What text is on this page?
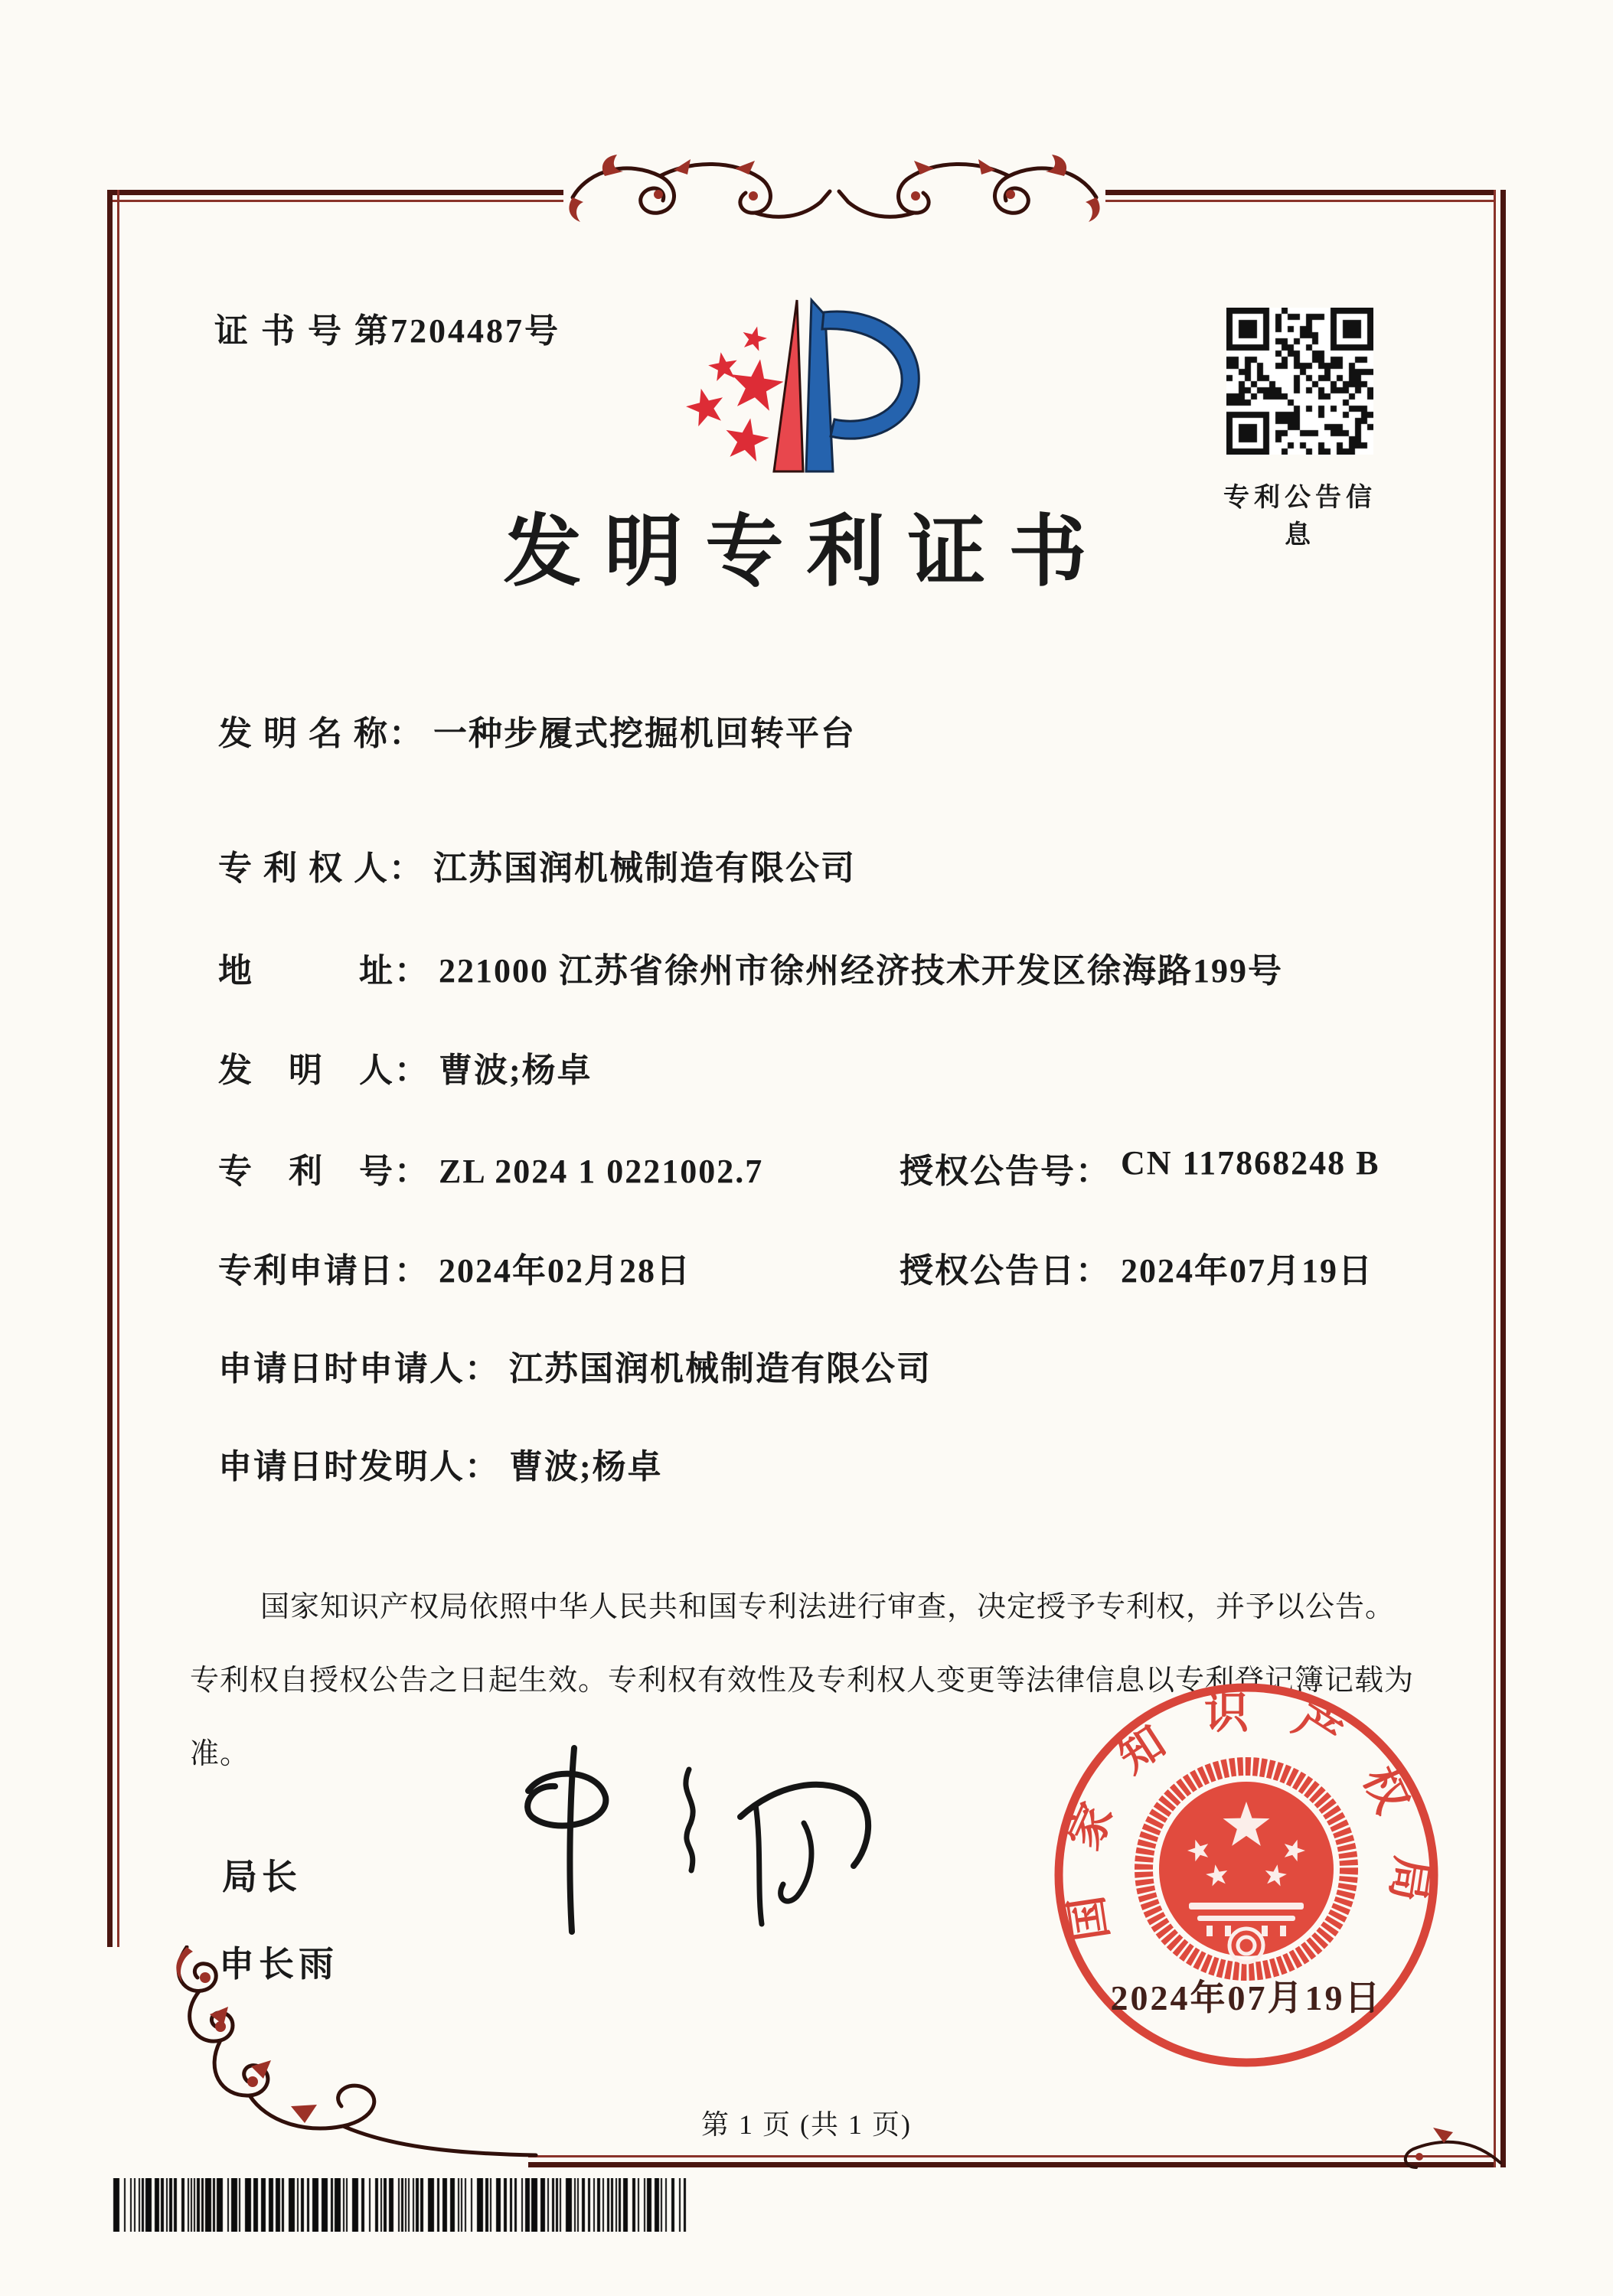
证 书 号 第7204487号
专利公告信息
发明专利证书
发 明 名 称： 一种步履式挖掘机回转平台
专 利 权 人： 江苏国润机械制造有限公司
地　　　址： 221000 江苏省徐州市徐州经济技术开发区徐海路199号
发　明　人： 曹波;杨卓
专　利　号： ZL 2024 1 0221002.7	授权公告号： CN 117868248 B
专利申请日： 2024年02月28日	授权公告日： 2024年07月19日
申请日时申请人： 江苏国润机械制造有限公司
申请日时发明人： 曹波;杨卓
国家知识产权局依照中华人民共和国专利法进行审查，决定授予专利权，并予以公告。
专利权自授权公告之日起生效。专利权有效性及专利权人变更等法律信息以专利登记簿记载为准。
局长
申长雨
国家知识产权局
2024年07月19日
第 1 页 (共 1 页)
